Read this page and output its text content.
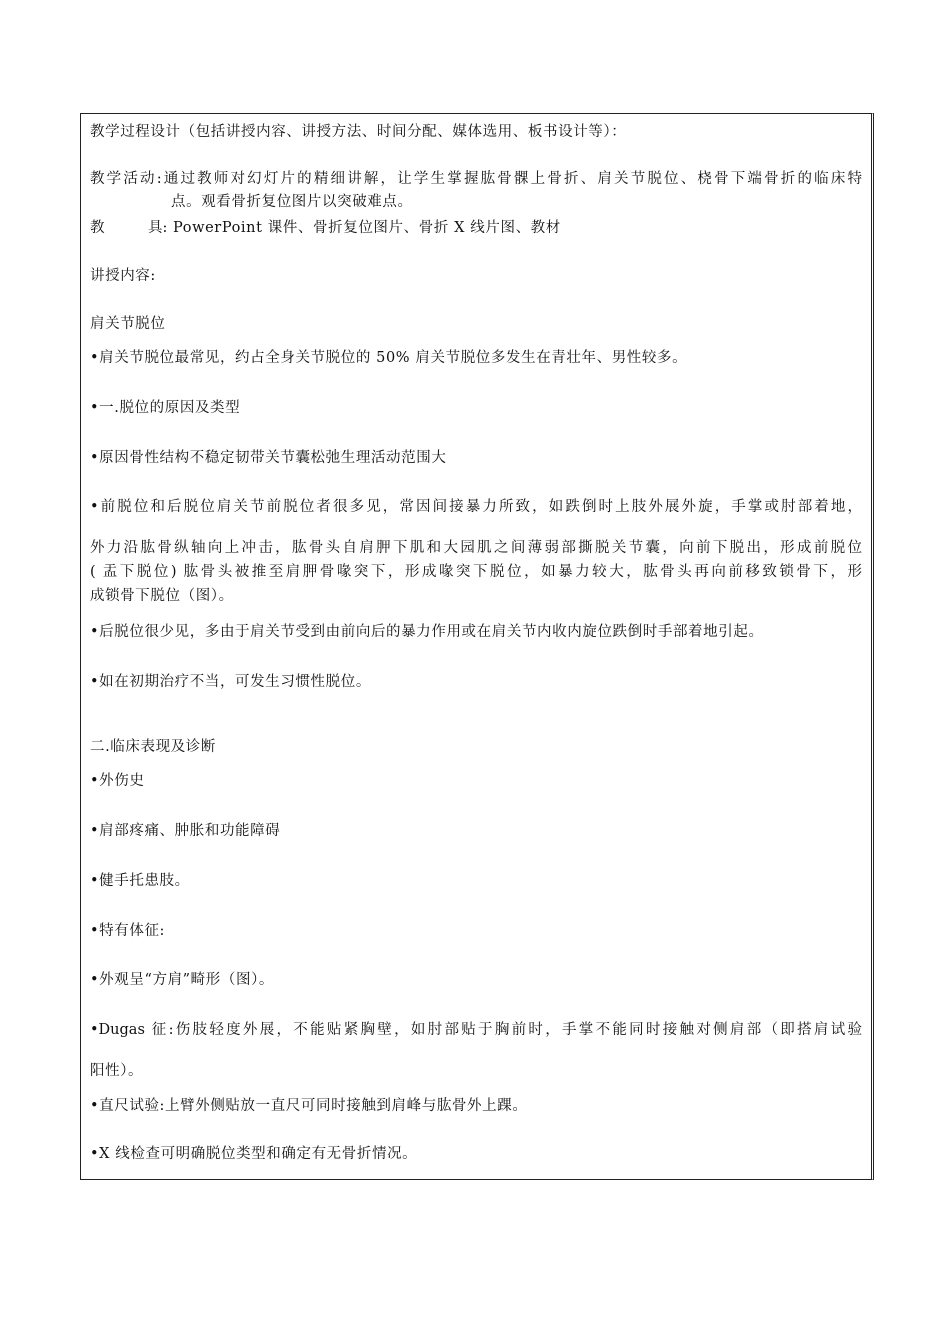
教学过程设计（包括讲授内容、讲授方法、时间分配、媒体选用、板书设计等）：
教学活动:通过教师对幻灯片的精细讲解，让学生掌握肱骨髁上骨折、肩关节脱位、桡骨下端骨折的临床特
点。观看骨折复位图片以突破难点。
教	具: PowerPoint 课件、骨折复位图片、骨折 X 线片图、教材
讲授内容:
肩关节脱位
•肩关节脱位最常见，约占全身关节脱位的 50% 肩关节脱位多发生在青壮年、男性较多。
•一.脱位的原因及类型
•原因骨性结构不稳定韧带关节囊松弛生理活动范围大
•前脱位和后脱位肩关节前脱位者很多见，常因间接暴力所致，如跌倒时上肢外展外旋，手掌或肘部着地，
外力沿肱骨纵轴向上冲击，肱骨头自肩胛下肌和大园肌之间薄弱部撕脱关节囊，向前下脱出，形成前脱位
( 盂下脱位) 肱骨头被推至肩胛骨喙突下，形成喙突下脱位，如暴力较大，肱骨头再向前移致锁骨下，形
成锁骨下脱位（图）。
•后脱位很少见，多由于肩关节受到由前向后的暴力作用或在肩关节内收内旋位跌倒时手部着地引起。
•如在初期治疗不当，可发生习惯性脱位。
二.临床表现及诊断
•外伤史
•肩部疼痛、肿胀和功能障碍
•健手托患肢。
•特有体征:
•外观呈“方肩”畸形（图）。
•Dugas 征:伤肢轻度外展，不能贴紧胸壁，如肘部贴于胸前时，手掌不能同时接触对侧肩部（即搭肩试验
阳性）。
•直尺试验:上臂外侧贴放一直尺可同时接触到肩峰与肱骨外上踝。
•X 线检查可明确脱位类型和确定有无骨折情况。
